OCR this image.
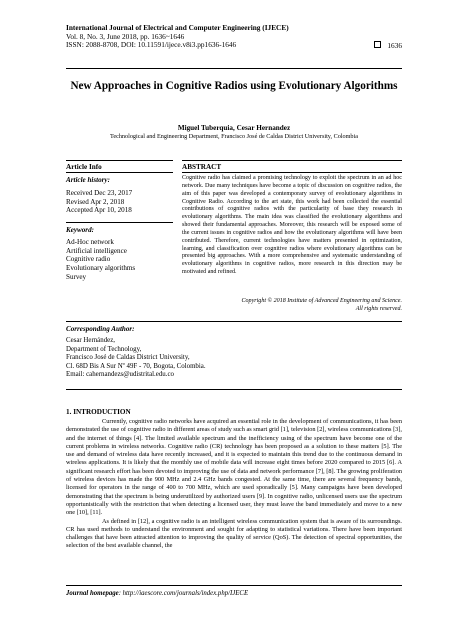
International Journal of Electrical and Computer Engineering (IJECE)
Vol. 8, No. 3, June 2018, pp. 1636~1646
ISSN: 2088-8708, DOI: 10.11591/ijece.v8i3.pp1636-1646	1636
New Approaches in Cognitive Radios using Evolutionary Algorithms
Miguel Tuberquia, Cesar Hernandez
Technological and Engineering Department, Francisco José de Caldas District University, Colombia
Article Info
Article history:
Received Dec 23, 2017
Revised Apr 2, 2018
Accepted Apr 10, 2018
Keyword:
Ad-Hoc network
Artificial intelligence
Cognitive radio
Evolutionary algorithms
Survey
ABSTRACT
Cognitive radio has claimed a promising technology to exploit the spectrum in an ad hoc network. Due many techniques have become a topic of discussion on cognitive radios, the aim of this paper was developed a contemporary survey of evolutionary algorithms in Cognitive Radio. According to the art state, this work had been collected the essential contributions of cognitive radios with the particularity of base they research in evolutionary algorithms. The main idea was classified the evolutionary algorithms and showed their fundamental approaches. Moreover, this research will be exposed some of the current issues in cognitive radios and how the evolutionary algorithms will have been contributed. Therefore, current technologies have matters presented in optimization, learning, and classification over cognitive radios where evolutionary algorithms can be presented big approaches. With a more comprehensive and systematic understanding of evolutionary algorithms in cognitive radios, more research in this direction may be motivated and refined.
Copyright © 2018 Institute of Advanced Engineering and Science.
All rights reserved.
Corresponding Author:
Cesar Hernández,
Department of Technology,
Francisco José de Caldas District University,
Cl. 68D Bis A Sur Nº 49F - 70, Bogota, Colombia.
Email: cahernandezs@udistrital.edu.co
1. INTRODUCTION

Currently, cognitive radio networks have acquired an essential role in the development of communications, it has been demonstrated the use of cognitive radio in different areas of study such as smart grid [1], television [2], wireless communications [3], and the internet of things [4]. The limited available spectrum and the inefficiency using of the spectrum have become one of the current problems in wireless networks. Cognitive radio (CR) technology has been proposed as a solution to these matters [5]. The use and demand of wireless data have recently increased, and it is expected to maintain this trend due to the continuous demand in wireless applications. It is likely that the monthly use of mobile data will increase eight times before 2020 compared to 2015 [6]. A significant research effort has been devoted to improving the use of data and network performance [7], [8]. The growing proliferation of wireless devices has made the 900 MHz and 2.4 GHz bands congested. At the same time, there are several frequency bands, licensed for operators in the range of 400 to 700 MHz, which are used sporadically [5]. Many campaigns have been developed demonstrating that the spectrum is being underutilized by authorized users [9]. In cognitive radio, unlicensed users use the spectrum opportunistically with the restriction that when detecting a licensed user, they must leave the band immediately and move to a new one [10], [11].

As defined in [12], a cognitive radio is an intelligent wireless communication system that is aware of its surroundings. CR has used methods to understand the environment and sought for adapting to statistical variations. There have been important challenges that have been attracted attention to improving the quality of service (QoS). The detection of spectral opportunities, the selection of the best available channel, the

Journal homepage: http://iaescore.com/journals/index.php/IJECE
